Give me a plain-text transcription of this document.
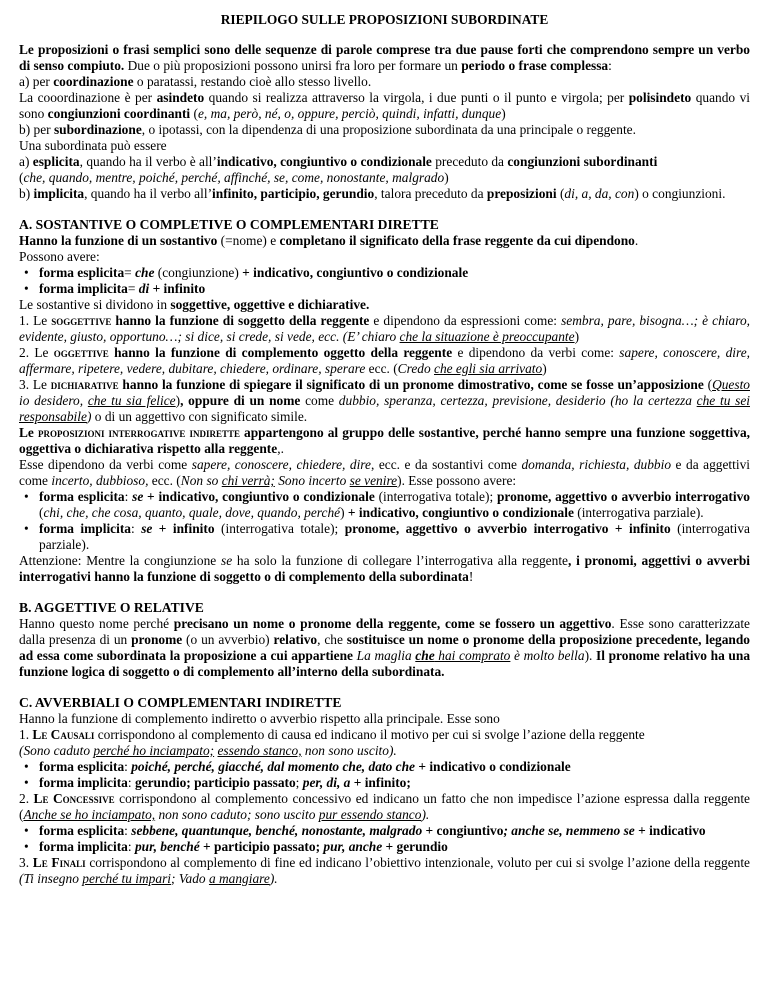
RIEPILOGO SULLE PROPOSIZIONI SUBORDINATE

Le proposizioni o frasi semplici sono delle sequenze di parole comprese tra due pause forti che comprendono sempre un verbo di senso compiuto. Due o più proposizioni possono unirsi fra loro per formare un periodo o frase complessa:

a) per coordinazione o paratassi, restando cioè allo stesso livello.

La cooordinazione è per asindeto quando si realizza attraverso la virgola, i due punti o il punto e virgola; per polisindeto quando vi sono congiunzioni coordinanti (e, ma, però, né, o, oppure, perciò, quindi, infatti, dunque)

b) per subordinazione, o ipotassi, con la dipendenza di una proposizione subordinata da una principale o reggente.

Una subordinata può essere

a) esplicita, quando ha il verbo è all’indicativo, congiuntivo o condizionale preceduto da congiunzioni subordinanti
(che, quando, mentre, poiché, perché, affinché, se, come, nonostante, malgrado)

b) implicita, quando ha il verbo all’infinito, participio, gerundio, talora preceduto da preposizioni (di, a, da, con) o congiunzioni.

A. SOSTANTIVE O COMPLETIVE O COMPLEMENTARI DIRETTE

Hanno la funzione di un sostantivo (=nome) e completano il significato della frase reggente da cui dipendono.

Possono avere:

• forma esplicita= che (congiunzione) + indicativo, congiuntivo o condizionale
• forma implicita= di + infinito

Le sostantive si dividono in soggettive, oggettive e dichiarative.

1. Le soggettive hanno la funzione di soggetto della reggente e dipendono da espressioni come: sembra, pare, bisogna…; è chiaro, evidente, giusto, opportuno…; si dice, si crede, si vede, ecc. (E’ chiaro che la situazione è preoccupante)

2. Le oggettive hanno la funzione di complemento oggetto della reggente e dipendono da verbi come: sapere, conoscere, dire, affermare, ripetere, vedere, dubitare, chiedere, ordinare, sperare ecc. (Credo che egli sia arrivato)

3. Le dichiarative hanno la funzione di spiegare il significato di un pronome dimostrativo, come se fosse un’apposizione (Questo io desidero, che tu sia felice), oppure di un nome come dubbio, speranza, certezza, previsione, desiderio (ho la certezza che tu sei responsabile) o di un aggettivo con significato simile.

Le proposizioni interrogative indirette appartengono al gruppo delle sostantive, perché hanno sempre una funzione soggettiva, oggettiva o dichiarativa rispetto alla reggente,.

Esse dipendono da verbi come sapere, conoscere, chiedere, dire, ecc. e da sostantivi come domanda, richiesta, dubbio e da aggettivi come incerto, dubbioso, ecc. (Non so chi verrà; Sono incerto se venire). Esse possono avere:

• forma esplicita: se + indicativo, congiuntivo o condizionale (interrogativa totale); pronome, aggettivo o avverbio interrogativo (chi, che, che cosa, quanto, quale, dove, quando, perché) + indicativo, congiuntivo o condizionale (interrogativa parziale).
• forma implicita: se + infinito (interrogativa totale); pronome, aggettivo o avverbio interrogativo + infinito (interrogativa parziale).

Attenzione: Mentre la congiunzione se ha solo la funzione di collegare l’interrogativa alla reggente, i pronomi, aggettivi o avverbi interrogativi hanno la funzione di soggetto o di complemento della subordinata!

B. AGGETTIVE O RELATIVE

Hanno questo nome perché precisano un nome o pronome della reggente, come se fossero un aggettivo. Esse sono caratterizzate dalla presenza di un pronome (o un avverbio) relativo, che sostituisce un nome o pronome della proposizione precedente, legando ad essa come subordinata la proposizione a cui appartiene La maglia che hai comprato è molto bella). Il pronome relativo ha una funzione logica di soggetto o di complemento all’interno della subordinata.

C. AVVERBIALI O COMPLEMENTARI INDIRETTE

Hanno la funzione di complemento indiretto o avverbio rispetto alla principale. Esse sono

1. Le Causali corrispondono al complemento di causa ed indicano il motivo per cui si svolge l’azione della reggente
(Sono caduto perché ho inciampato; essendo stanco, non sono uscito).

• forma esplicita: poiché, perché, giacché, dal momento che, dato che + indicativo o condizionale
• forma implicita: gerundio; participio passato; per, di, a + infinito;

2. Le Concessive corrispondono al complemento concessivo ed indicano un fatto che non impedisce l’azione espressa dalla reggente (Anche se ho inciampato, non sono caduto; sono uscito pur essendo stanco).

• forma esplicita: sebbene, quantunque, benché, nonostante, malgrado + congiuntivo; anche se, nemmeno se + indicativo
• forma implicita: pur, benché + participio passato; pur, anche + gerundio

3. Le Finali corrispondono al complemento di fine ed indicano l’obiettivo intenzionale, voluto per cui si svolge l’azione della reggente (Ti insegno perché tu impari; Vado a mangiare).
